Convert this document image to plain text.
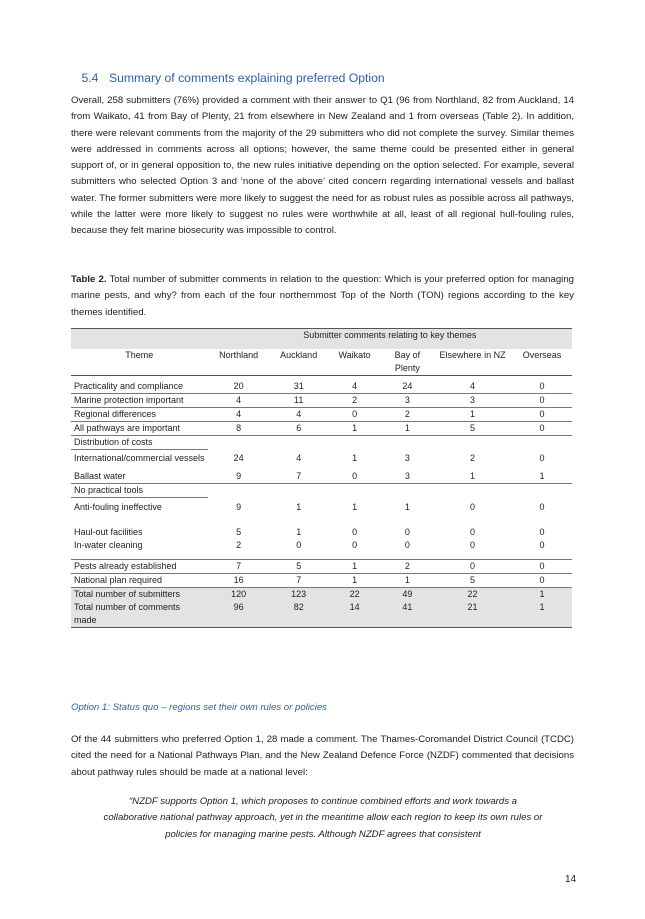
5.4 Summary of comments explaining preferred Option
Overall, 258 submitters (76%) provided a comment with their answer to Q1 (96 from Northland, 82 from Auckland, 14 from Waikato, 41 from Bay of Plenty, 21 from elsewhere in New Zealand and 1 from overseas (Table 2). In addition, there were relevant comments from the majority of the 29 submitters who did not complete the survey. Similar themes were addressed in comments across all options; however, the same theme could be presented either in general support of, or in general opposition to, the new rules initiative depending on the option selected. For example, several submitters who selected Option 3 and ‘none of the above’ cited concern regarding international vessels and ballast water. The former submitters were more likely to suggest the need for as robust rules as possible across all pathways, while the latter were more likely to suggest no rules were worthwhile at all, least of all regional hull-fouling rules, because they felt marine biosecurity was impossible to control.
Table 2. Total number of submitter comments in relation to the question: Which is your preferred option for managing marine pests, and why? from each of the four northernmost Top of the North (TON) regions according to the key themes identified.
	Submitter comments relating to key themes					
Theme	Northland	Auckland	Waikato	Bay of Plenty	Elsewhere in NZ	Overseas
Practicality and compliance	20	31	4	24	4	0
Marine protection important	4	11	2	3	3	0
Regional differences	4	4	0	2	1	0
All pathways are important	8	6	1	1	5	0
Distribution of costs						
International/commercial vessels	24	4	1	3	2	0
Ballast water	9	7	0	3	1	1
No practical tools						
Anti-fouling ineffective	9	1	1	1	0	0
Haul-out facilities	5	1	0	0	0	0
In-water cleaning	2	0	0	0	0	0
Pests already established	7	5	1	2	0	0
National plan required	16	7	1	1	5	0
Total number of submitters	120	123	22	49	22	1
Total number of comments made	96	82	14	41	21	1
Option 1: Status quo – regions set their own rules or policies
Of the 44 submitters who preferred Option 1, 28 made a comment. The Thames-Coromandel District Council (TCDC) cited the need for a National Pathways Plan, and the New Zealand Defence Force (NZDF) commented that decisions about pathway rules should be made at a national level:
“NZDF supports Option 1, which proposes to continue combined efforts and work towards a collaborative national pathway approach, yet in the meantime allow each region to keep its own rules or policies for managing marine pests. Although NZDF agrees that consistent
14
